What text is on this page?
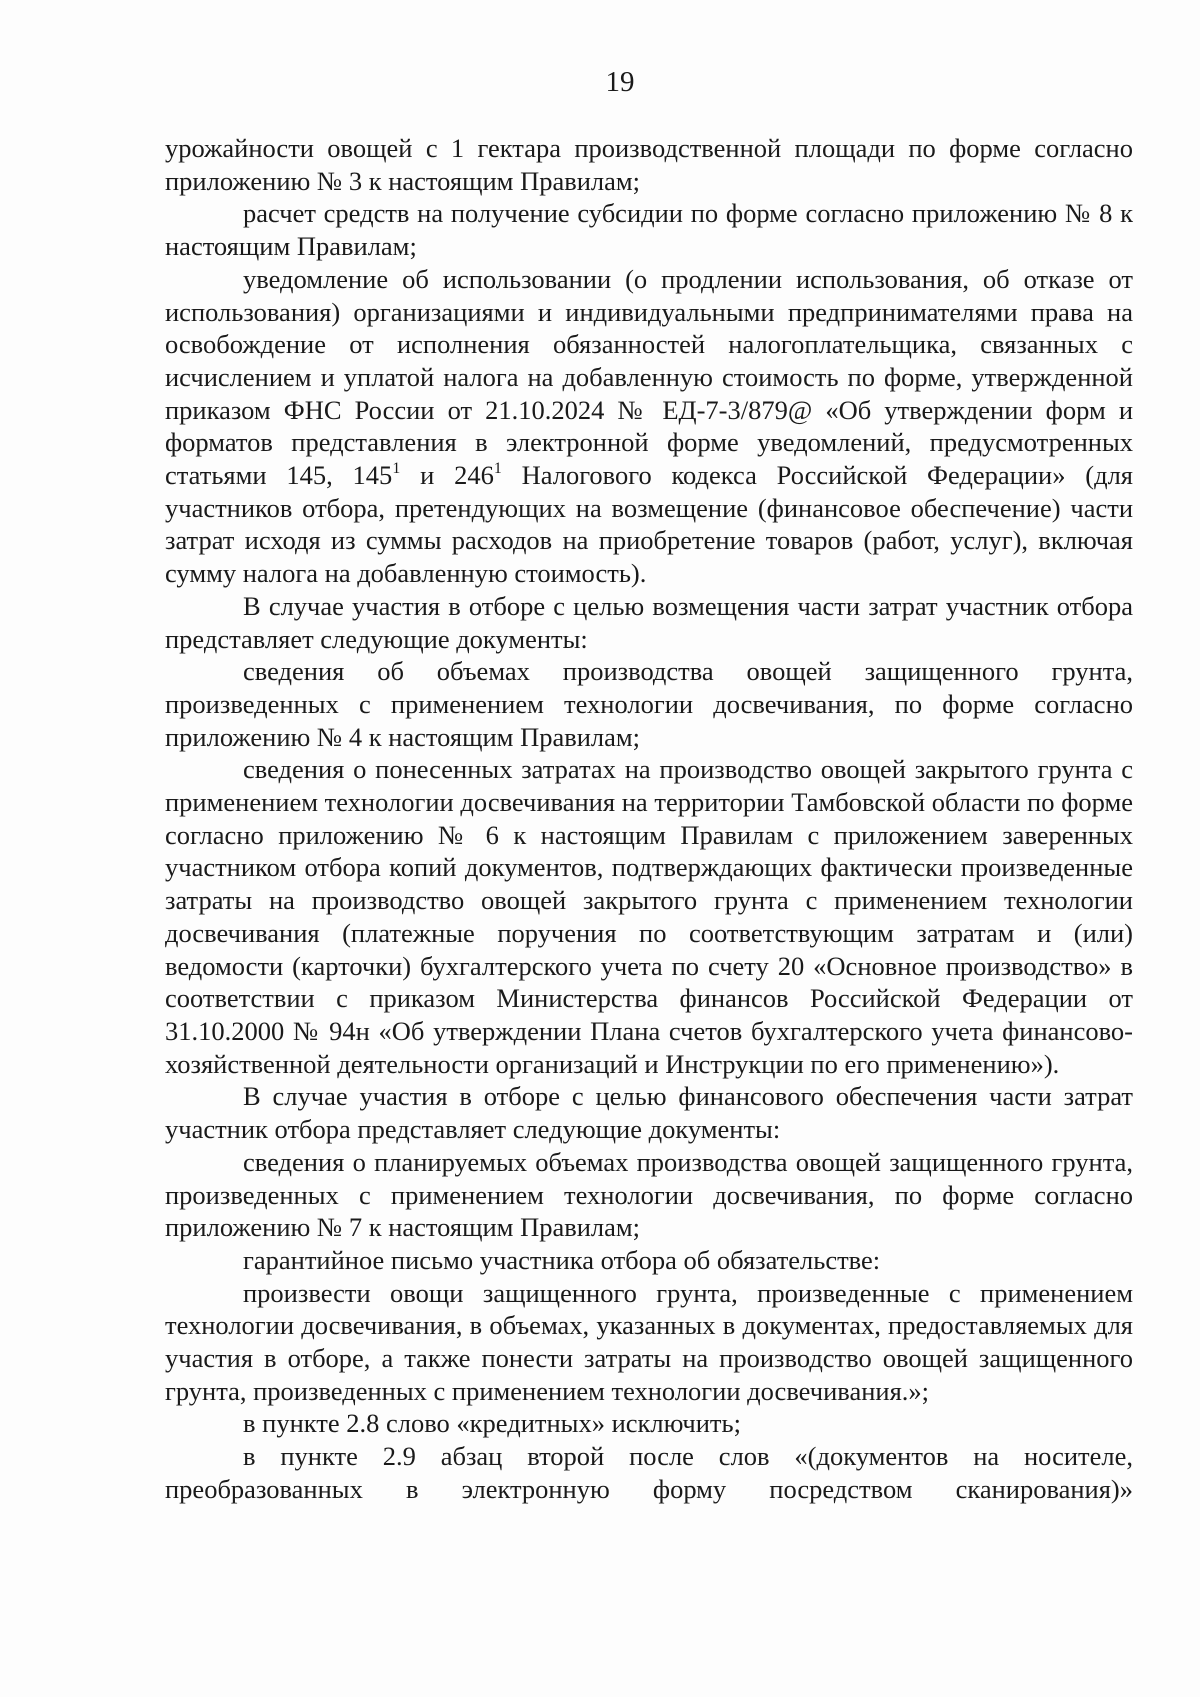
19

урожайности овощей с 1 гектара производственной площади по форме согласно приложению № 3 к настоящим Правилам;

расчет средств на получение субсидии по форме согласно приложению № 8 к настоящим Правилам;

уведомление об использовании (о продлении использования, об отказе от использования) организациями и индивидуальными предпринимателями права на освобождение от исполнения обязанностей налогоплательщика, связанных с исчислением и уплатой налога на добавленную стоимость по форме, утвержденной приказом ФНС России от 21.10.2024 № ЕД-7-3/879@ «Об утверждении форм и форматов представления в электронной форме уведомлений, предусмотренных статьями 145, $145^1$ и $246^1$ Налогового кодекса Российской Федерации» (для участников отбора, претендующих на возмещение (финансовое обеспечение) части затрат исходя из суммы расходов на приобретение товаров (работ, услуг), включая сумму налога на добавленную стоимость).

В случае участия в отборе с целью возмещения части затрат участник отбора представляет следующие документы:

сведения об объемах производства овощей защищенного грунта, произведенных с применением технологии досвечивания, по форме согласно приложению № 4 к настоящим Правилам;

сведения о понесенных затратах на производство овощей закрытого грунта с применением технологии досвечивания на территории Тамбовской области по форме согласно приложению № 6 к настоящим Правилам с приложением заверенных участником отбора копий документов, подтверждающих фактически произведенные затраты на производство овощей закрытого грунта с применением технологии досвечивания (платежные поручения по соответствующим затратам и (или) ведомости (карточки) бухгалтерского учета по счету 20 «Основное производство» в соответствии с приказом Министерства финансов Российской Федерации от 31.10.2000 № 94н «Об утверждении Плана счетов бухгалтерского учета финансово-хозяйственной деятельности организаций и Инструкции по его применению»).

В случае участия в отборе с целью финансового обеспечения части затрат участник отбора представляет следующие документы:

сведения о планируемых объемах производства овощей защищенного грунта, произведенных с применением технологии досвечивания, по форме согласно приложению № 7 к настоящим Правилам;

гарантийное письмо участника отбора об обязательстве:

произвести овощи защищенного грунта, произведенные с применением технологии досвечивания, в объемах, указанных в документах, предоставляемых для участия в отборе, а также понести затраты на производство овощей защищенного грунта, произведенных с применением технологии досвечивания.»;

в пункте 2.8 слово «кредитных» исключить;

в пункте 2.9 абзац второй после слов «(документов на носителе, преобразованных в электронную форму посредством сканирования)»
